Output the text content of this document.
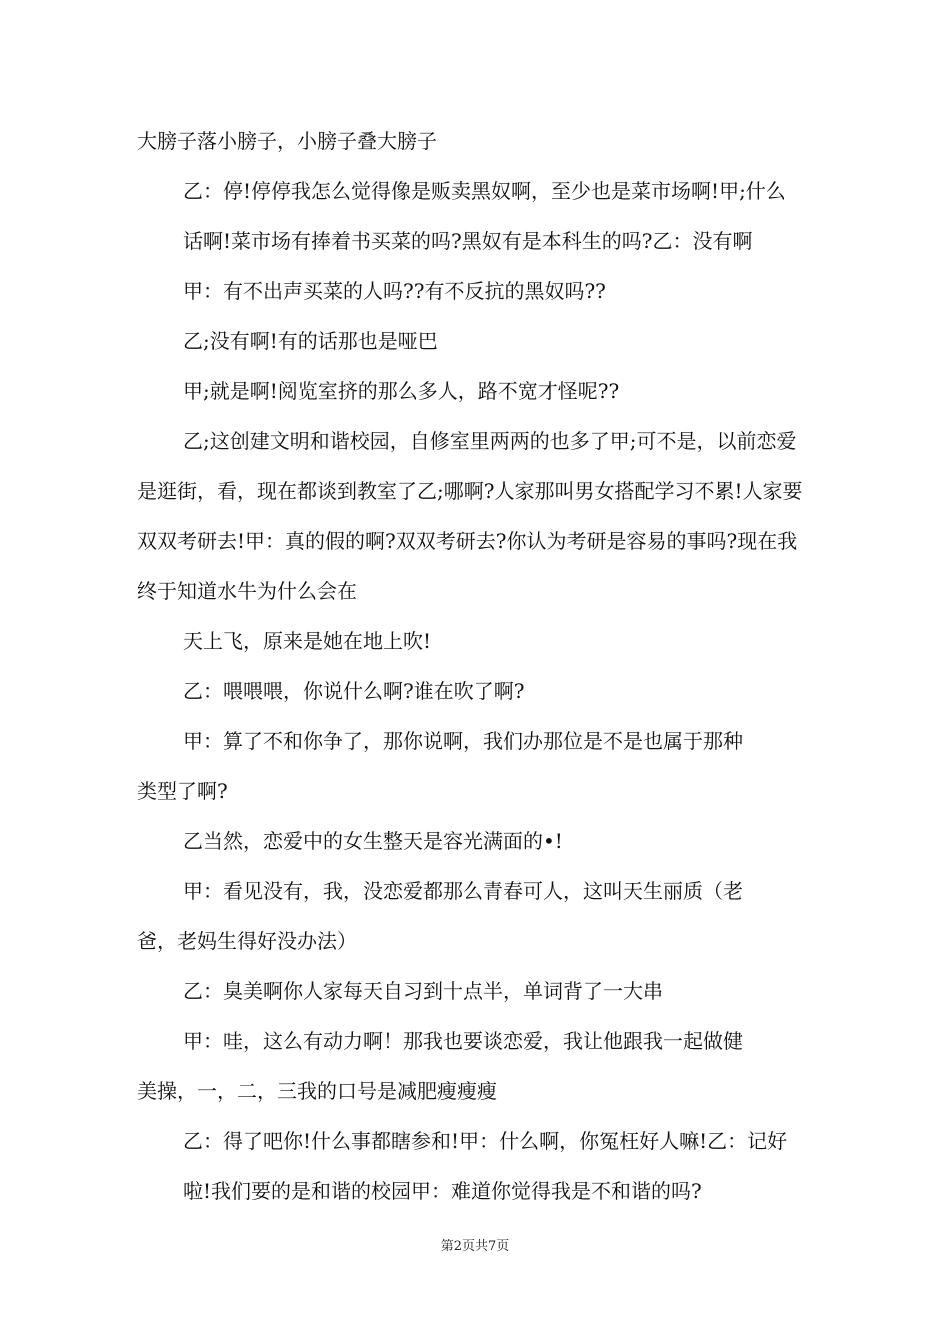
大膀子落小膀子，小膀子叠大膀子
乙：停!停停我怎么觉得像是贩卖黑奴啊，至少也是菜市场啊!甲;什么
话啊!菜市场有捧着书买菜的吗?黑奴有是本科生的吗?乙：没有啊
甲：有不出声买菜的人吗??有不反抗的黑奴吗??
乙;没有啊!有的话那也是哑巴
甲;就是啊!阅览室挤的那么多人，路不宽才怪呢??
乙;这创建文明和谐校园，自修室里两两的也多了甲;可不是，以前恋爱
是逛街，看，现在都谈到教室了乙;哪啊?人家那叫男女搭配学习不累!人家要
双双考研去!甲：真的假的啊?双双考研去?你认为考研是容易的事吗?现在我
终于知道水牛为什么会在
天上飞，原来是她在地上吹!
乙：喂喂喂，你说什么啊?谁在吹了啊?
甲：算了不和你争了，那你说啊，我们办那位是不是也属于那种
类型了啊?
乙当然，恋爱中的女生整天是容光满面的•!
甲：看见没有，我，没恋爱都那么青春可人，这叫天生丽质（老
爸，老妈生得好没办法）
乙：臭美啊你人家每天自习到十点半，单词背了一大串
甲：哇，这么有动力啊！那我也要谈恋爱，我让他跟我一起做健
美操，一，二，三我的口号是减肥瘦瘦瘦
乙：得了吧你!什么事都瞎参和!甲：什么啊，你冤枉好人嘛!乙：记好
啦!我们要的是和谐的校园甲：难道你觉得我是不和谐的吗?
第2页共7页
